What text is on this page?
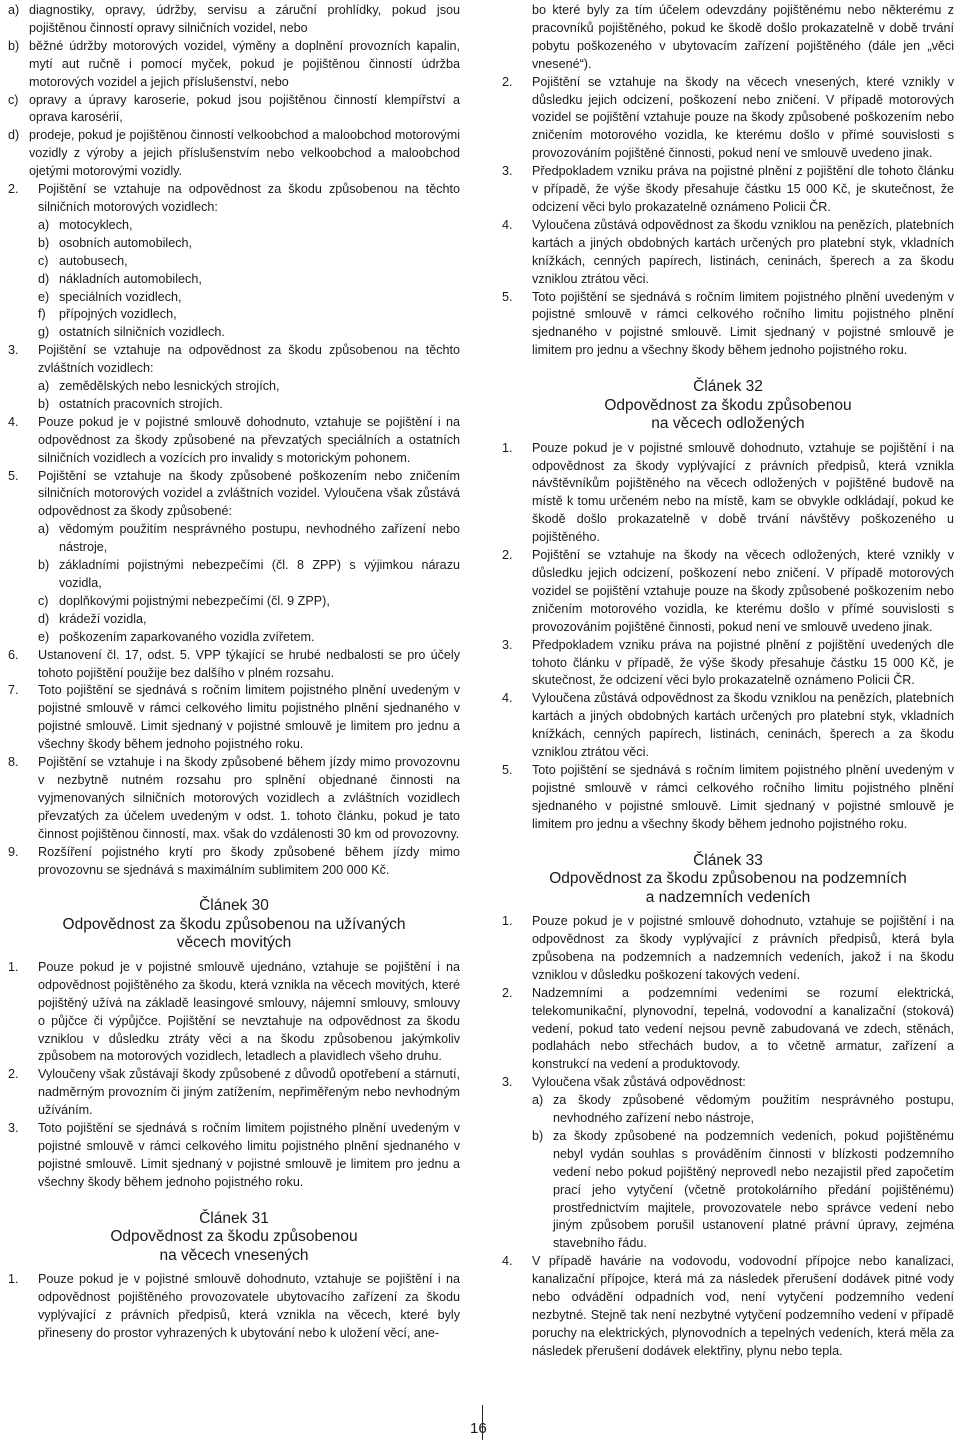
a) diagnostiky, opravy, údržby, servisu a záruční prohlídky, pokud jsou pojištěnou činností opravy silničních vozidel, nebo
b) běžné údržby motorových vozidel, výměny a doplnění provozních kapalin, mytí aut ručně i pomocí myček, pokud je pojištěnou činností údržba motorových vozidel a jejich příslušenství, nebo
c) opravy a úpravy karoserie, pokud jsou pojištěnou činností klempířství a oprava karosérií,
d) prodeje, pokud je pojištěnou činností velkoobchod a maloobchod motorovými vozidly z výroby a jejich příslušenstvím nebo velkoobchod a maloobchod ojetými motorovými vozidly.
2. Pojištění se vztahuje na odpovědnost za škodu způsobenou na těchto silničních motorových vozidlech:
a) motocyklech,
b) osobních automobilech,
c) autobusech,
d) nákladních automobilech,
e) speciálních vozidlech,
f) přípojných vozidlech,
g) ostatních silničních vozidlech.
3. Pojištění se vztahuje na odpovědnost za škodu způsobenou na těchto zvláštních vozidlech:
a) zemědělských nebo lesnických strojích,
b) ostatních pracovních strojích.
4. Pouze pokud je v pojistné smlouvě dohodnuto, vztahuje se pojištění i na odpovědnost za škody způsobené na převzatých speciálních a ostatních silničních vozidlech a vozících pro invalidy s motorickým pohonem.
5. Pojištění se vztahuje na škody způsobené poškozením nebo zničením silničních motorových vozidel a zvláštních vozidel. Vyloučena však zůstává odpovědnost za škody způsobené:
a) vědomým použitím nesprávného postupu, nevhodného zařízení nebo nástroje,
b) základními pojistnými nebezpečími (čl. 8 ZPP) s výjimkou nárazu vozidla,
c) doplňkovými pojistnými nebezpečími (čl. 9 ZPP),
d) krádeží vozidla,
e) poškozením zaparkovaného vozidla zvířetem.
6. Ustanovení čl. 17, odst. 5. VPP týkající se hrubé nedbalosti se pro účely tohoto pojištění použije bez dalšího v plném rozsahu.
7. Toto pojištění se sjednává s ročním limitem pojistného plnění uvedeným v pojistné smlouvě v rámci celkového limitu pojistného plnění sjednaného v pojistné smlouvě. Limit sjednaný v pojistné smlouvě je limitem pro jednu a všechny škody během jednoho pojistného roku.
8. Pojištění se vztahuje i na škody způsobené během jízdy mimo provozovnu v nezbytně nutném rozsahu pro splnění objednané činnosti na vyjmenovaných silničních motorových vozidlech a zvláštních vozidlech převzatých za účelem uvedeným v odst. 1. tohoto článku, pokud je tato činnost pojištěnou činností, max. však do vzdálenosti 30 km od provozovny.
9. Rozšíření pojistného krytí pro škody způsobené během jízdy mimo provozovnu se sjednává s maximálním sublimitem 200 000 Kč.
Článek 30
Odpovědnost za škodu způsobenou na užívaných
věcech movitých
1. Pouze pokud je v pojistné smlouvě ujednáno, vztahuje se pojištění i na odpovědnost pojištěného za škodu, která vznikla na věcech movitých, které pojištěný užívá na základě leasingové smlouvy, nájemní smlouvy, smlouvy o půjčce či výpůjčce. Pojištění se nevztahuje na odpovědnost za škodu vzniklou v důsledku ztráty věci a na škodu způsobenou jakýmkoliv způsobem na motorových vozidlech, letadlech a plavidlech všeho druhu.
2. Vyloučeny však zůstávají škody způsobené z důvodů opotřebení a stárnutí, nadměrným provozním či jiným zatížením, nepřiměřeným nebo nevhodným užíváním.
3. Toto pojištění se sjednává s ročním limitem pojistného plnění uvedeným v pojistné smlouvě v rámci celkového limitu pojistného plnění sjednaného v pojistné smlouvě. Limit sjednaný v pojistné smlouvě je limitem pro jednu a všechny škody během jednoho pojistného roku.
Článek 31
Odpovědnost za škodu způsobenou
na věcech vnesených
1. Pouze pokud je v pojistné smlouvě dohodnuto, vztahuje se pojištění i na odpovědnost pojištěného provozovatele ubytovacího zařízení za škodu vyplývající z právních předpisů, která vznikla na věcech, které byly přineseny do prostor vyhrazených k ubytování nebo k uložení věcí, ane-
bo které byly za tím účelem odevzdány pojištěnému nebo některému z pracovníků pojištěného, pokud ke škodě došlo prokazatelně v době trvání pobytu poškozeného v ubytovacím zařízení pojištěného (dále jen „věci vnesené“).
2. Pojištění se vztahuje na škody na věcech vnesených, které vznikly v důsledku jejich odcizení, poškození nebo zničení. V případě motorových vozidel se pojištění vztahuje pouze na škody způsobené poškozením nebo zničením motorového vozidla, ke kterému došlo v přímé souvislosti s provozováním pojištěné činnosti, pokud není ve smlouvě uvedeno jinak.
3. Předpokladem vzniku práva na pojistné plnění z pojištění dle tohoto článku v případě, že výše škody přesahuje částku 15 000 Kč, je skutečnost, že odcizení věci bylo prokazatelně oznámeno Policii ČR.
4. Vyloučena zůstává odpovědnost za škodu vzniklou na penězích, platebních kartách a jiných obdobných kartách určených pro platební styk, vkladních knížkách, cenných papírech, listinách, ceninách, šperech a za škodu vzniklou ztrátou věci.
5. Toto pojištění se sjednává s ročním limitem pojistného plnění uvedeným v pojistné smlouvě v rámci celkového ročního limitu pojistného plnění sjednaného v pojistné smlouvě. Limit sjednaný v pojistné smlouvě je limitem pro jednu a všechny škody během jednoho pojistného roku.
Článek 32
Odpovědnost za škodu způsobenou
na věcech odložených
1. Pouze pokud je v pojistné smlouvě dohodnuto, vztahuje se pojištění i na odpovědnost za škody vyplývající z právních předpisů, která vznikla návštěvníkům pojištěného na věcech odložených v pojištěné budově na místě k tomu určeném nebo na místě, kam se obvykle odkládají, pokud ke škodě došlo prokazatelně v době trvání návštěvy poškozeného u pojištěného.
2. Pojištění se vztahuje na škody na věcech odložených, které vznikly v důsledku jejich odcizení, poškození nebo zničení. V případě motorových vozidel se pojištění vztahuje pouze na škody způsobené poškozením nebo zničením motorového vozidla, ke kterému došlo v přímé souvislosti s provozováním pojištěné činnosti, pokud není ve smlouvě uvedeno jinak.
3. Předpokladem vzniku práva na pojistné plnění z pojištění uvedených dle tohoto článku v případě, že výše škody přesahuje částku 15 000 Kč, je skutečnost, že odcizení věci bylo prokazatelně oznámeno Policii ČR.
4. Vyloučena zůstává odpovědnost za škodu vzniklou na penězích, platebních kartách a jiných obdobných kartách určených pro platební styk, vkladních knížkách, cenných papírech, listinách, ceninách, šperech a za škodu vzniklou ztrátou věci.
5. Toto pojištění se sjednává s ročním limitem pojistného plnění uvedeným v pojistné smlouvě v rámci celkového ročního limitu pojistného plnění sjednaného v pojistné smlouvě. Limit sjednaný v pojistné smlouvě je limitem pro jednu a všechny škody během jednoho pojistného roku.
Článek 33
Odpovědnost za škodu způsobenou na podzemních
a nadzemních vedeních
1. Pouze pokud je v pojistné smlouvě dohodnuto, vztahuje se pojištění i na odpovědnost za škody vyplývající z právních předpisů, která byla způsobena na podzemních a nadzemních vedeních, jakož i na škodu vzniklou v důsledku poškození takových vedení.
2. Nadzemními a podzemními vedeními se rozumí elektrická, telekomunikační, plynovodní, tepelná, vodovodní a kanalizační (stoková) vedení, pokud tato vedení nejsou pevně zabudovaná ve zdech, stěnách, podlahách nebo střechách budov, a to včetně armatur, zařízení a konstrukcí na vedení a produktovody.
3. Vyloučena však zůstává odpovědnost:
a) za škody způsobené vědomým použitím nesprávného postupu, nevhodného zařízení nebo nástroje,
b) za škody způsobené na podzemních vedeních, pokud pojištěnému nebyl vydán souhlas s prováděním činnosti v blízkosti podzemního vedení nebo pokud pojištěný neprovedl nebo nezajistil před započetím prací jeho vytyčení (včetně protokolárního předání pojištěnému) prostřednictvím majitele, provozovatele nebo správce vedení nebo jiným způsobem porušil ustanovení platné právní úpravy, zejména stavebního řádu.
4. V případě havárie na vodovodu, vodovodní přípojce nebo kanalizaci, kanalizační přípojce, která má za následek přerušení dodávek pitné vody nebo odvádění odpadních vod, není vytyčení podzemního vedení nezbytné. Stejně tak není nezbytné vytyčení podzemního vedení v případě poruchy na elektrických, plynovodních a tepelných vedeních, která měla za následek přerušení dodávek elektřiny, plynu nebo tepla.
16
